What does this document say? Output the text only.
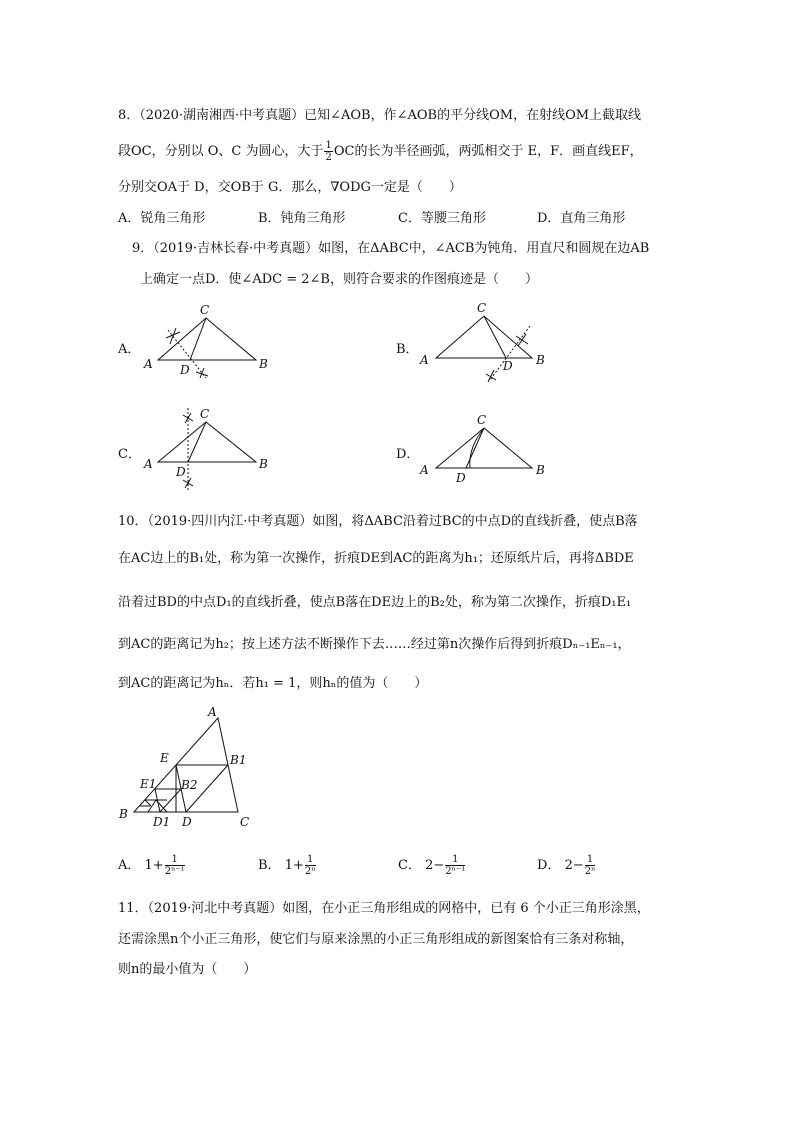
8．（2020·湖南湘西·中考真题）已知∠AOB，作∠AOB的平分线OM，在射线OM上截取线
段OC，分别以 O、C 为圆心，大于 $\frac{1}{2}$ OC的长为半径画弧，两弧相交于 E，F．画直线EF，
分别交OA于 D，交OB于 G．那么，∇ODG一定是（　　）
A．锐角三角形	B．钝角三角形	C．等腰三角形	D．直角三角形
9．（2019·吉林长春·中考真题）如图，在ΔABC中，∠ACB为钝角．用直尺和圆规在边AB
上确定一点D．使∠ADC = 2∠B，则符合要求的作图痕迹是（　　）
A．
A
C
B
D
B．
A
C
B
D
C．
A
C
B
D
D．
A
C
B
D
10．（2019·四川内江·中考真题）如图，将ΔABC沿着过BC的中点D的直线折叠，使点B落
在AC边上的B₁处，称为第一次操作，折痕DE到AC的距离为h₁；还原纸片后，再将ΔBDE
沿着过BD的中点D₁的直线折叠，使点B落在DE边上的B₂处，称为第二次操作，折痕D₁E₁
到AC的距离记为h₂；按上述方法不断操作下去……经过第n次操作后得到折痕Dₙ₋₁Eₙ₋₁，
到AC的距离记为hₙ．若h₁ = 1，则hₙ的值为（　　）
A
E	B1
E1 B2
B
D1 D	C
A． $1+ \frac{1}{\text{2ⁿ⁻¹}}$	B． $1+ \frac{1}{\text{2ⁿ}}$	C． $2- \frac{1}{\text{2ⁿ⁻¹}}$	D． $2- \frac{1}{\text{2ⁿ}}$
11．（2019·河北中考真题）如图，在小正三角形组成的网格中，已有 6 个小正三角形涂黑，
还需涂黑n个小正三角形，使它们与原来涂黑的小正三角形组成的新图案恰有三条对称轴，
则n的最小值为（　　）
